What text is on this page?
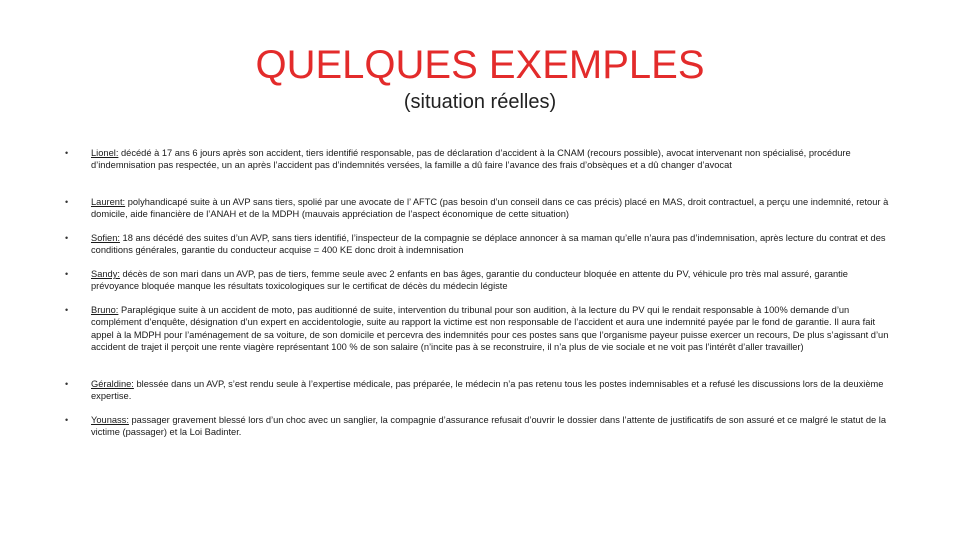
QUELQUES EXEMPLES
(situation réelles)
• Lionel: décédé à 17 ans 6 jours après son accident, tiers identifié responsable, pas de déclaration d’accident à la CNAM (recours possible), avocat intervenant non spécialisé, procédure d’indemnisation pas respectée, un an après l’accident pas d’indemnités versées, la famille a dû faire l’avance des frais d’obsèques et a dû changer d’avocat
• Laurent: polyhandicapé suite à un AVP sans tiers, spolié par une avocate de l’ AFTC (pas besoin d’un conseil dans ce cas précis) placé en MAS, droit contractuel, a perçu une indemnité, retour à domicile, aide financière de l’ANAH et de la MDPH (mauvais appréciation de l’aspect économique de cette situation)
• Sofien: 18 ans décédé des suites d’un AVP, sans tiers identifié, l’inspecteur de la compagnie se déplace annoncer à sa maman qu’elle n’aura pas d’indemnisation, après lecture du contrat et des conditions générales, garantie du conducteur acquise = 400 KE donc droit à indemnisation
• Sandy: décès de son mari dans un AVP, pas de tiers, femme seule avec 2 enfants en bas âges, garantie du conducteur bloquée en attente du PV, véhicule pro très mal assuré, garantie prévoyance bloquée manque les résultats toxicologiques sur le certificat de décès du médecin légiste
• Bruno: Paraplégique suite à un accident de moto, pas auditionné de suite, intervention du tribunal pour son audition, à la lecture du PV qui le rendait responsable à 100% demande d’un complément d’enquête, désignation d’un expert en accidentologie, suite au rapport la victime est non responsable de l’accident et aura une indemnité payée par le fond de garantie. Il aura fait appel à la MDPH pour l’aménagement de sa voiture, de son domicile et percevra des indemnités pour ces postes sans que l’organisme payeur puisse exercer un recours, De plus s’agissant d’un accident de trajet il perçoit une rente viagère représentant 100 % de son salaire (n’incite pas à se reconstruire, il n’a plus de vie sociale et ne voit pas l’intérêt d’aller travailler)
• Géraldine: blessée dans un AVP, s’est rendu seule à l’expertise médicale, pas préparée, le médecin n’a pas retenu tous les postes indemnisables et a refusé les discussions lors de la deuxième expertise.
• Younass: passager gravement blessé lors d’un choc avec un sanglier, la compagnie d’assurance refusait d’ouvrir le dossier dans l’attente de justificatifs de son assuré et ce malgré le statut de la victime (passager) et la Loi Badinter.
